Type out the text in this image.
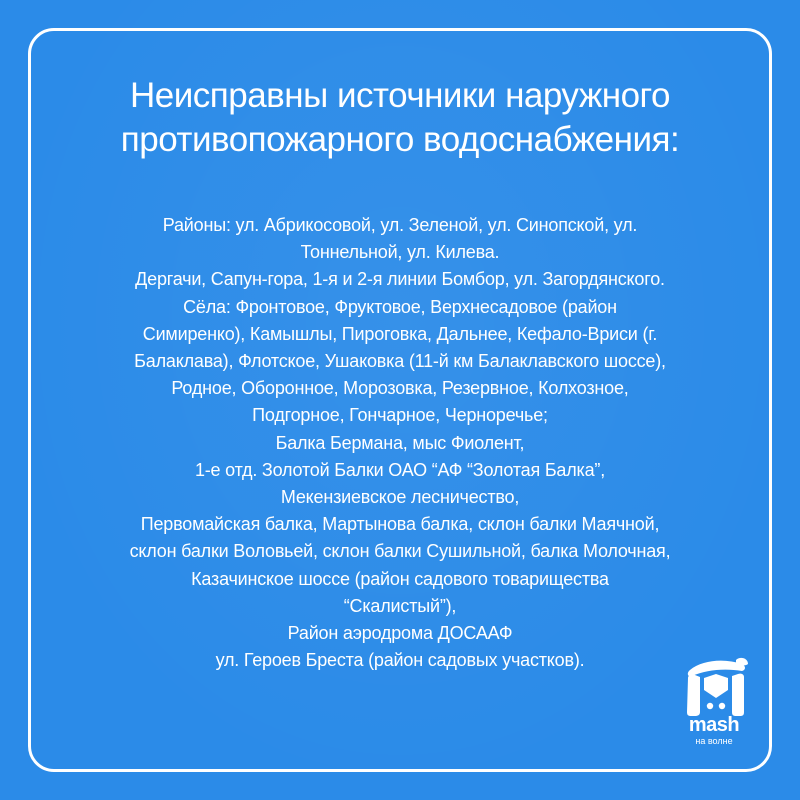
Неисправны источники наружного
противопожарного водоснабжения:
Районы: ул. Абрикосовой, ул. Зеленой, ул. Синопской, ул.
Тоннельной, ул. Килева.
Дергачи, Сапун-гора, 1-я и 2-я линии Бомбор, ул. Загордянского.
Сёла: Фронтовое, Фруктовое, Верхнесадовое (район
Симиренко), Камышлы, Пироговка, Дальнее, Кефало-Вриси (г.
Балаклава), Флотское, Ушаковка (11-й км Балаклавского шоссе),
Родное, Оборонное, Морозовка, Резервное, Колхозное,
Подгорное, Гончарное, Черноречье;
Балка Бермана, мыс Фиолент,
1-е отд. Золотой Балки ОАО “АФ “Золотая Балка”,
Мекензиевское лесничество,
Первомайская балка, Мартынова балка, склон балки Маячной,
склон балки Воловьей, склон балки Сушильной, балка Молочная,
Казачинское шоссе (район садового товарищества
“Скалистый”),
Район аэродрома ДОСААФ
ул. Героев Бреста (район садовых участков).
mash
на волне
